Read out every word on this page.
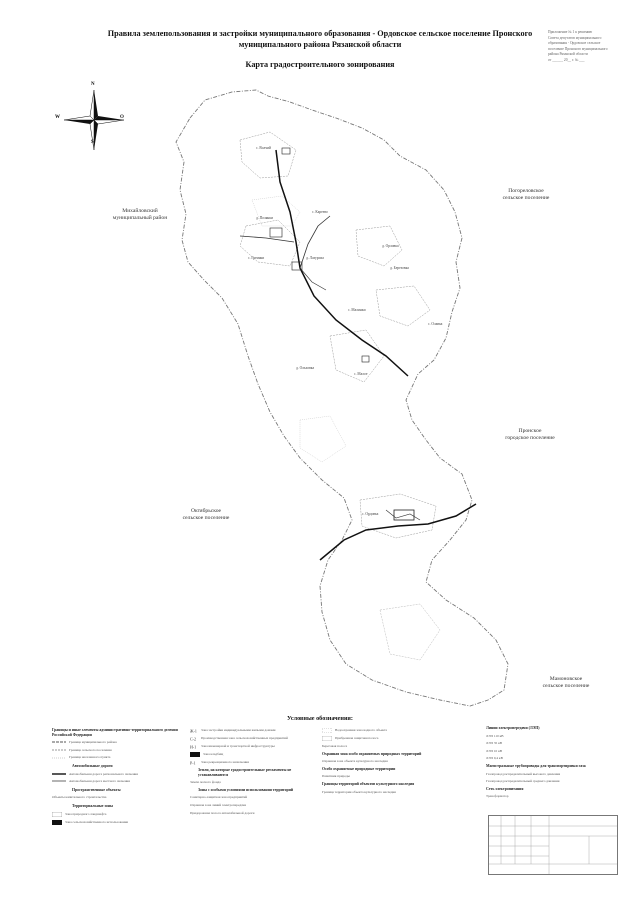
Правила землепользования и застройки муниципального образования - Ордовское сельское поселение Пронского муниципального района Рязанской области
Карта градостроительного зонирования
Приложение № 1 к решению
Совета депутатов муниципального
образования - Ордовское сельское
поселение Пронского муниципального
района Рязанской области
от ______ 20__ г. № ___
N
S
W	O
Михайловский
муниципальный район
Погореловское
сельское поселение
Пронское
городское поселение
Октябрьское
сельское поселение
Мамоновское
сельское поселение
с. Волчий
д. Полянки
с. Кареево
с. Гремяки
д. Орловка
д. Березовка
д. Лазуриха
с. Малинки
с. Олавка
д. Ольховка
с. Малое
с. Ордовка
Условные обозначения:
Границы и иные элементы административно-территориального деления Российской Федерации
Граница муниципального района
Граница сельского поселения
Граница населенного пункта
Автомобильные дороги
Автомобильная дорога регионального значения
Автомобильная дорога местного значения
Пространственные объекты
Объекты капитального строительства
Территориальные зоны
Зона природного ландшафта
Зона сельскохозяйственного использования
Ж-1 Зона застройки индивидуальными жилыми домами
С-2 Производственная зона сельскохозяйственных предприятий
И-1 Зона инженерной и транспортной инфраструктуры
Зона кладбищ
Р-1 Зона рекреационного назначения
Земли, на которые градостроительные регламенты не устанавливаются
Земли лесного фонда
Зоны с особыми условиями использования территорий
Санитарно-защитная зона предприятий
Охранная зона линий электропередачи
Придорожная полоса автомобильной дороги
Водоохранная зона водного объекта
Прибрежная защитная полоса
Береговая полоса
Охранная зона особо охраняемых природных территорий
Охранная зона объекта культурного наследия
Особо охраняемые природные территории
Памятник природы
Границы территорий объектов культурного наследия
Граница территории объекта культурного наследия
Линии электропередачи (ЛЭП)
ЛЭП 110 кВ
ЛЭП 35 кВ
ЛЭП 10 кВ
ЛЭП 0,4 кВ
Магистральные трубопроводы для транспортировки газа
Газопровод распределительный высокого давления
Газопровод распределительный среднего давления
Сеть электропитания
Трансформатор
